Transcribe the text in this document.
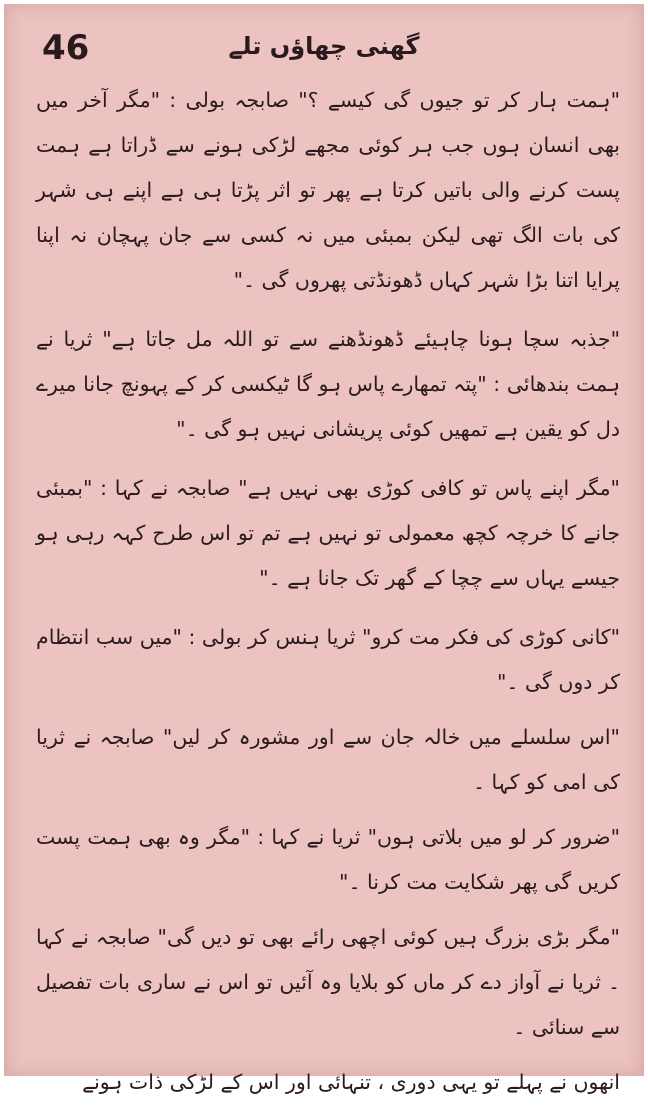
46	گھنی چھاؤں تلے

"ہمت ہار کر تو جیوں گی کیسے ؟" صابجہ بولی : "مگر آخر میں بھی انسان ہوں جب ہر کوئی مجھے لڑکی ہونے سے ڈراتا ہے ہمت پست کرنے والی باتیں کرتا ہے پھر تو اثر پڑتا ہی ہے اپنے ہی شہر کی بات الگ تھی لیکن بمبئی میں نہ کسی سے جان پہچان نہ اپنا پرایا اتنا بڑا شہر کہاں ڈھونڈتی پھروں گی ۔"

"جذبہ سچا ہونا چاہیئے ڈھونڈھنے سے تو اللہ مل جاتا ہے" ثریا نے ہمت بندھائی : "پتہ تمھارے پاس ہو گا ٹیکسی کر کے پہونچ جانا میرے دل کو یقین ہے تمھیں کوئی پریشانی نہیں ہو گی ۔"

"مگر اپنے پاس تو کافی کوڑی بھی نہیں ہے" صابجہ نے کہا : "بمبئی جانے کا خرچہ کچھ معمولی تو نہیں ہے تم تو اس طرح کہہ رہی ہو جیسے یہاں سے چچا کے گھر تک جانا ہے ۔"

"کانی کوڑی کی فکر مت کرو" ثریا ہنس کر بولی : "میں سب انتظام کر دوں گی ۔"

"اس سلسلے میں خالہ جان سے اور مشورہ کر لیں" صابجہ نے ثریا کی امی کو کہا ۔

"ضرور کر لو میں بلاتی ہوں" ثریا نے کہا : "مگر وہ بھی ہمت پست کریں گی پھر شکایت مت کرنا ۔"

"مگر بڑی بزرگ ہیں کوئی اچھی رائے بھی تو دیں گی" صابجہ نے کہا ۔ ثریا نے آواز دے کر ماں کو بلایا وہ آئیں تو اس نے ساری بات تفصیل سے سنائی ۔

انھوں نے پہلے تو یہی دوری ، تنہائی اور اس کے لڑکی ذات ہونے
